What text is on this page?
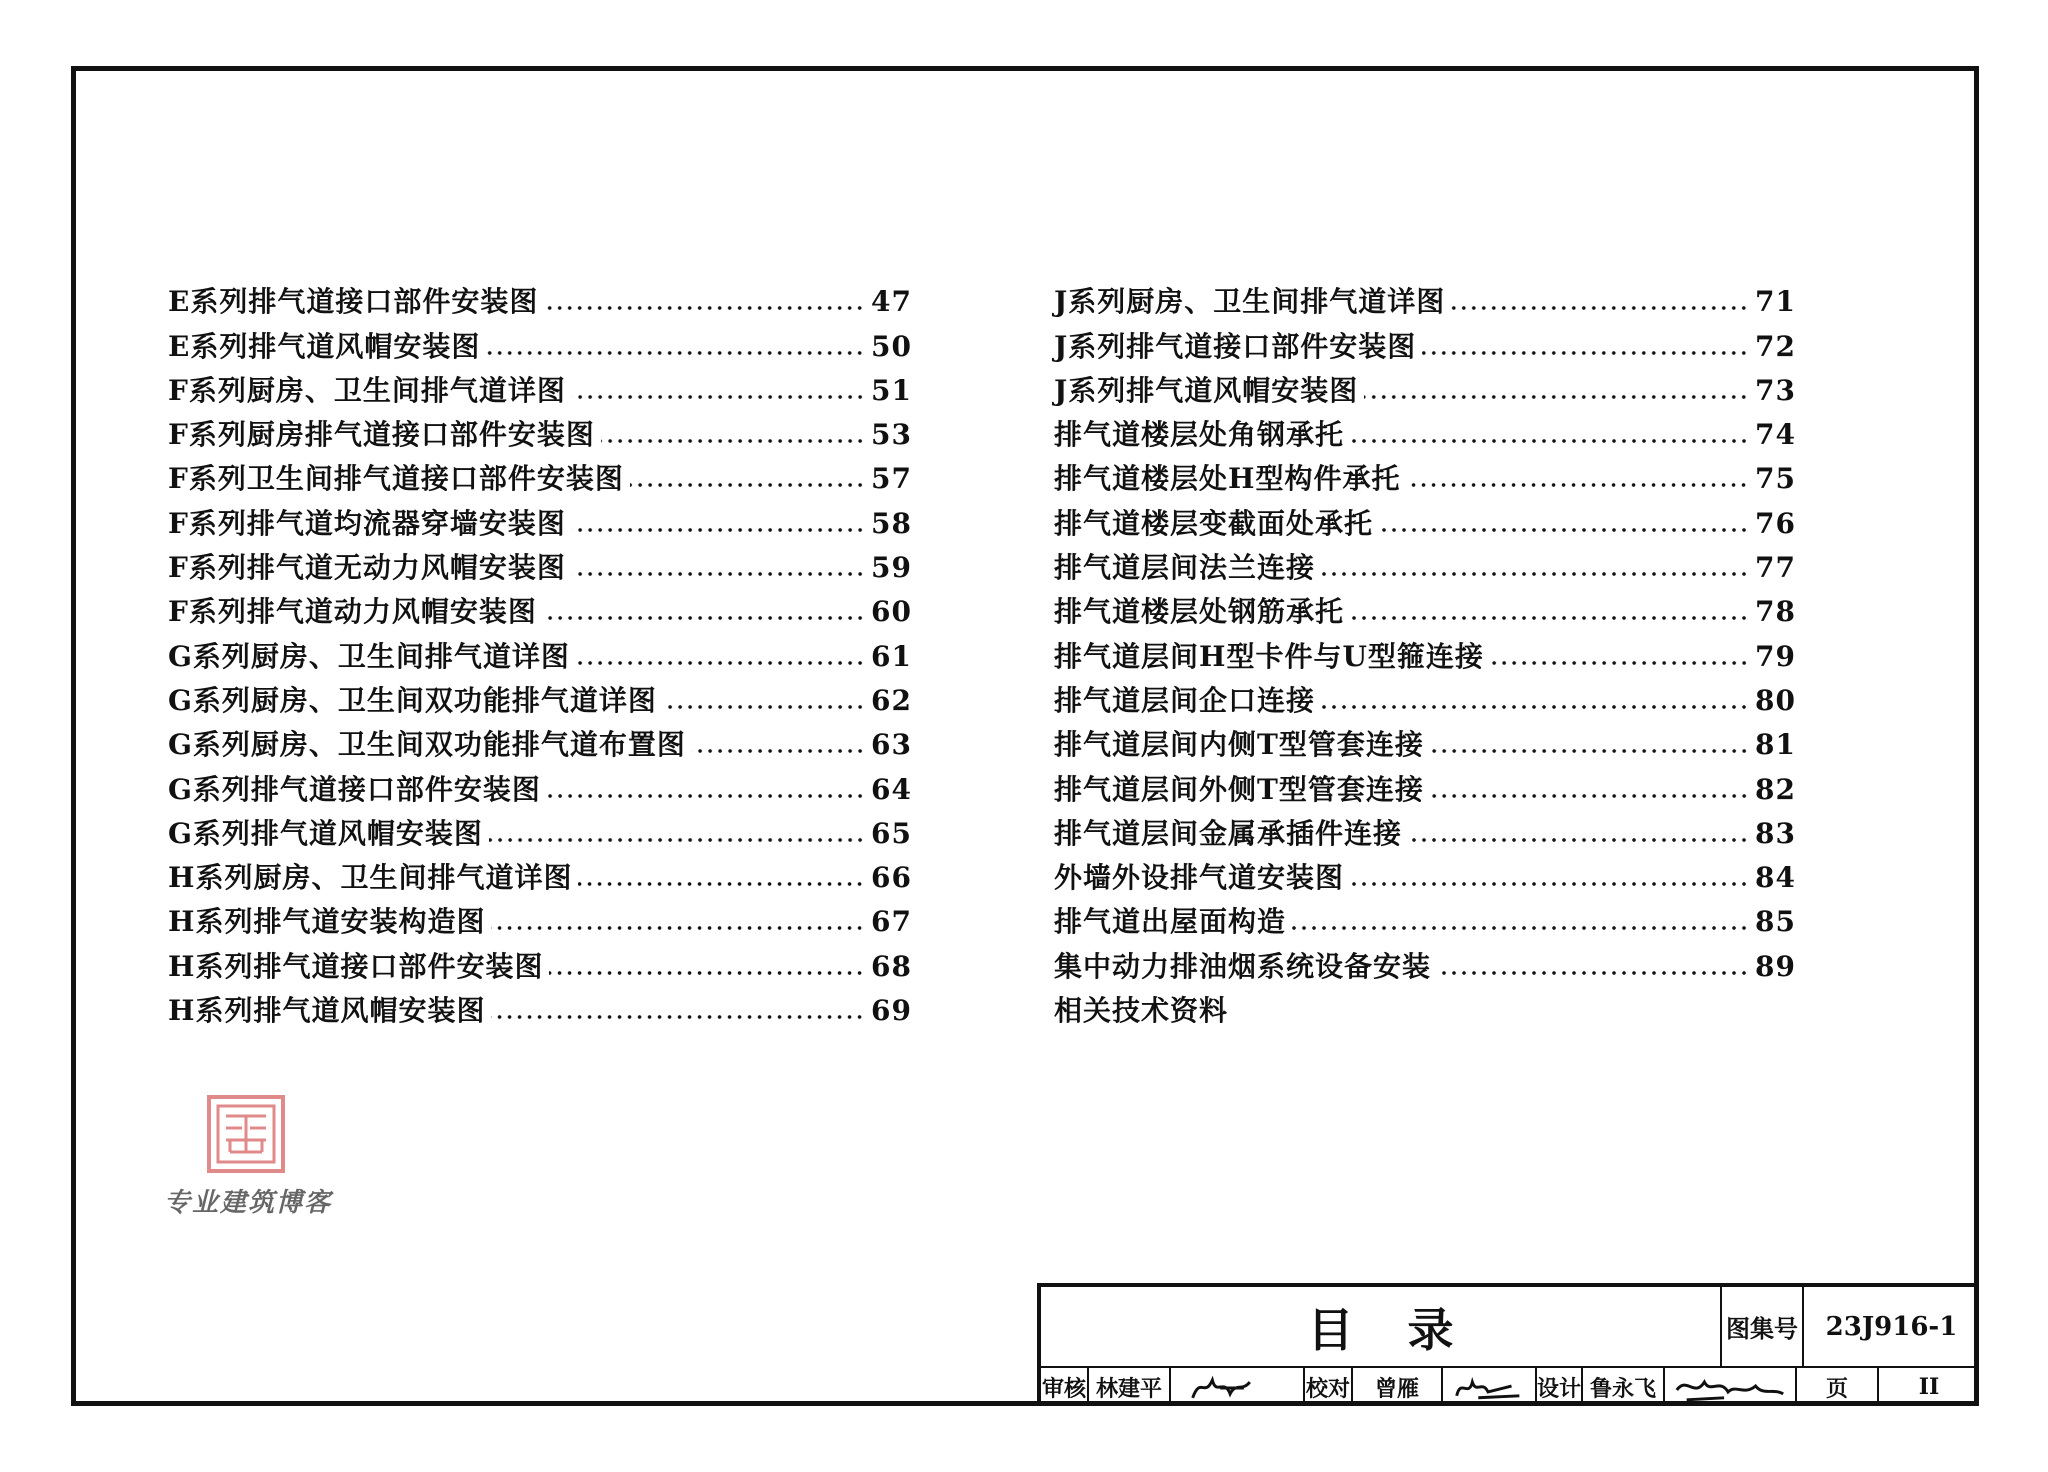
E系列排气道接口部件安装图	47
E系列排气道风帽安装图	50
F系列厨房、卫生间排气道详图	51
F系列厨房排气道接口部件安装图	53
F系列卫生间排气道接口部件安装图	57
F系列排气道均流器穿墙安装图	58
F系列排气道无动力风帽安装图	59
F系列排气道动力风帽安装图	60
G系列厨房、卫生间排气道详图	61
G系列厨房、卫生间双功能排气道详图	62
G系列厨房、卫生间双功能排气道布置图	63
G系列排气道接口部件安装图	64
G系列排气道风帽安装图	65
H系列厨房、卫生间排气道详图	66
H系列排气道安装构造图	67
H系列排气道接口部件安装图	68
H系列排气道风帽安装图	69
J系列厨房、卫生间排气道详图	71
J系列排气道接口部件安装图	72
J系列排气道风帽安装图	73
排气道楼层处角钢承托	74
排气道楼层处H型构件承托	75
排气道楼层变截面处承托	76
排气道层间法兰连接	77
排气道楼层处钢筋承托	78
排气道层间H型卡件与U型箍连接	79
排气道层间企口连接	80
排气道层间内侧T型管套连接	81
排气道层间外侧T型管套连接	82
排气道层间金属承插件连接	83
外墙外设排气道安装图	84
排气道出屋面构造	85
集中动力排油烟系统设备安装	89
相关技术资料
专业建筑博客
目录	图集号	23J916-1
审核 林建平	校对	曾雁	设计 鲁永飞	页	II
